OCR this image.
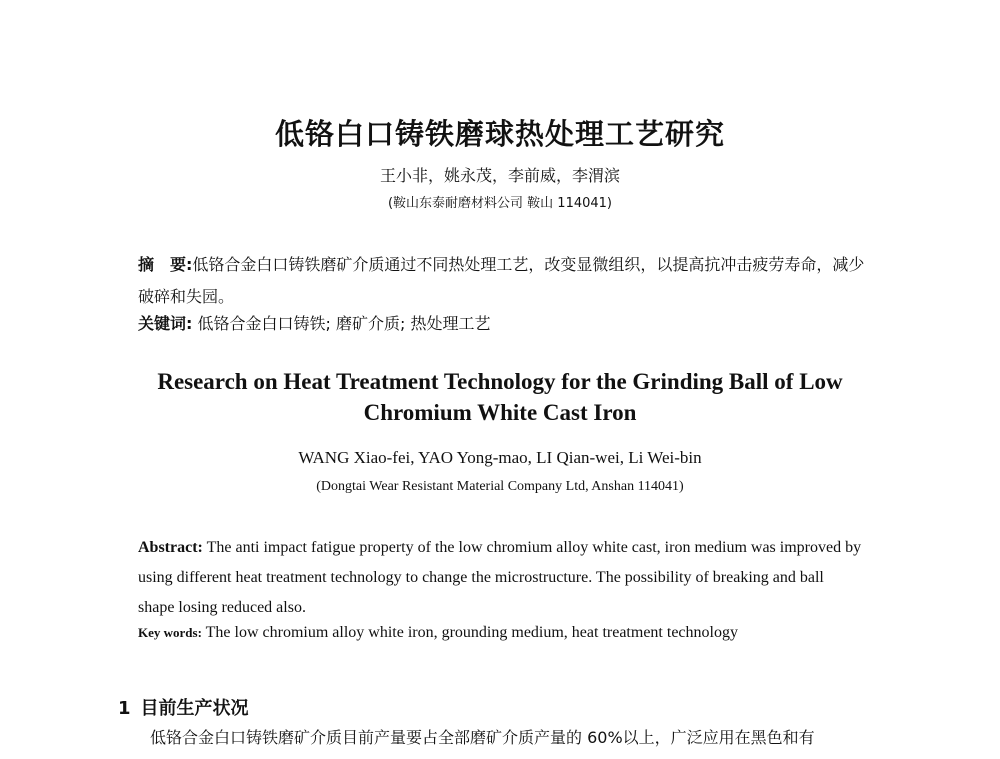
低铬白口铸铁磨球热处理工艺研究
王小非，姚永茂，李前威，李渭滨
(鞍山东泰耐磨材料公司 鞍山 114041)
摘　要:低铬合金白口铸铁磨矿介质通过不同热处理工艺，改变显微组织，以提高抗冲击疲劳寿命，减少破碎和失园。
关键词: 低铬合金白口铸铁; 磨矿介质; 热处理工艺
Research on Heat Treatment Technology for the Grinding Ball of Low
Chromium White Cast Iron
WANG Xiao-fei, YAO Yong-mao, LI Qian-wei, Li Wei-bin
(Dongtai Wear Resistant Material Company Ltd, Anshan 114041)
Abstract: The anti impact fatigue property of the low chromium alloy white cast, iron medium was improved by using different heat treatment technology to change the microstructure. The possibility of breaking and ball shape losing reduced also.
Key words: The low chromium alloy white iron, grounding medium, heat treatment technology
1 目前生产状况
低铬合金白口铸铁磨矿介质目前产量要占全部磨矿介质产量的 60%以上，广泛应用在黑色和有
